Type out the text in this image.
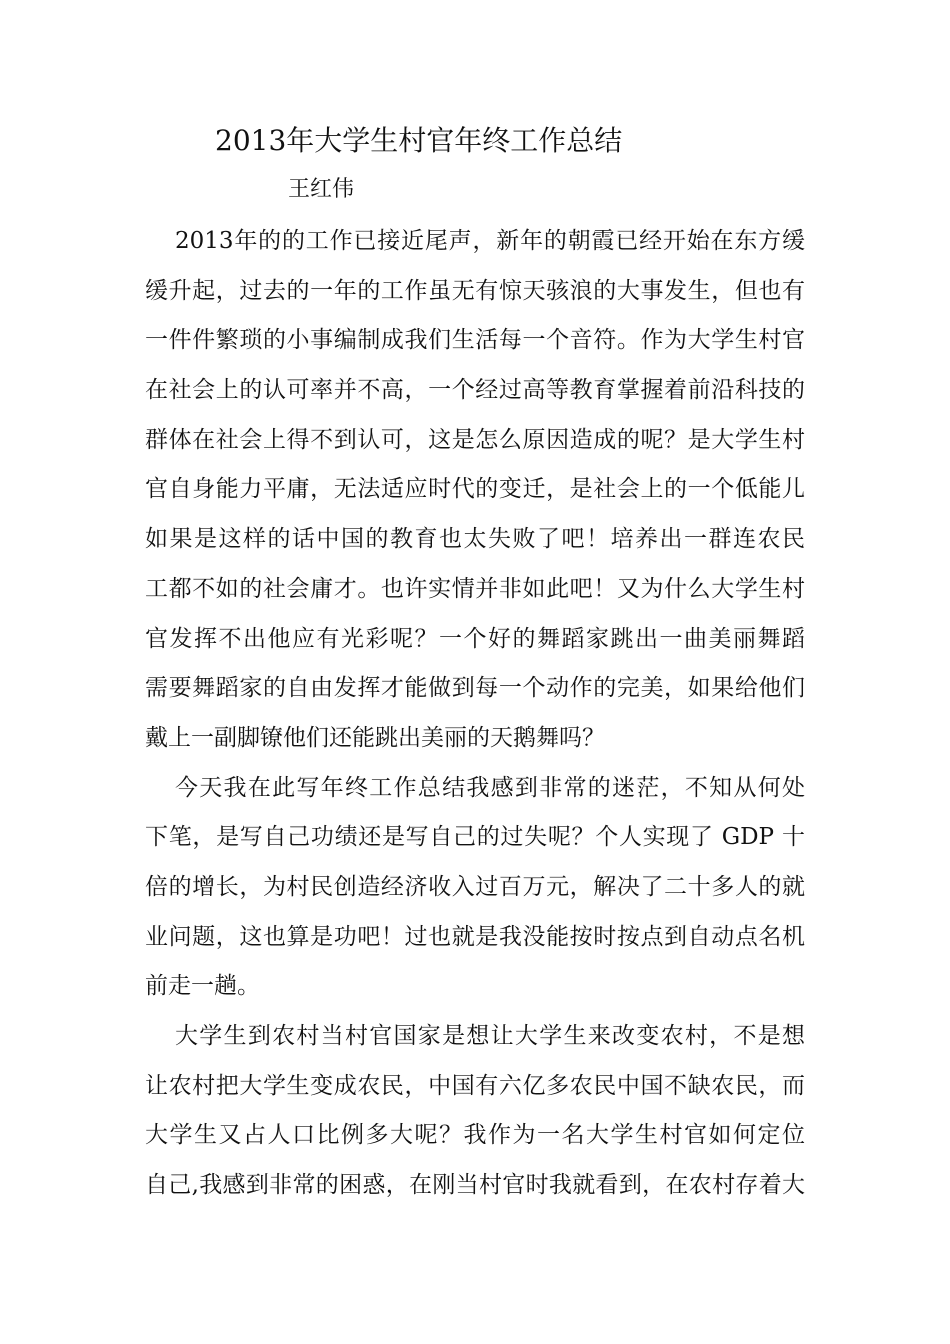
2013年大学生村官年终工作总结
王红伟
2013年的的工作已接近尾声，新年的朝霞已经开始在东方缓
缓升起，过去的一年的工作虽无有惊天骇浪的大事发生，但也有
一件件繁琐的小事编制成我们生活每一个音符。作为大学生村官
在社会上的认可率并不高，一个经过高等教育掌握着前沿科技的
群体在社会上得不到认可，这是怎么原因造成的呢？是大学生村
官自身能力平庸，无法适应时代的变迁，是社会上的一个低能儿
如果是这样的话中国的教育也太失败了吧！培养出一群连农民
工都不如的社会庸才。也许实情并非如此吧！又为什么大学生村
官发挥不出他应有光彩呢？一个好的舞蹈家跳出一曲美丽舞蹈
需要舞蹈家的自由发挥才能做到每一个动作的完美，如果给他们
戴上一副脚镣他们还能跳出美丽的天鹅舞吗？
今天我在此写年终工作总结我感到非常的迷茫，不知从何处
下笔，是写自己功绩还是写自己的过失呢？个人实现了 GDP 十
倍的增长，为村民创造经济收入过百万元，解决了二十多人的就
业问题，这也算是功吧！过也就是我没能按时按点到自动点名机
前走一趟。
大学生到农村当村官国家是想让大学生来改变农村，不是想
让农村把大学生变成农民，中国有六亿多农民中国不缺农民，而
大学生又占人口比例多大呢？我作为一名大学生村官如何定位
自己,我感到非常的困惑，在刚当村官时我就看到，在农村存着大
